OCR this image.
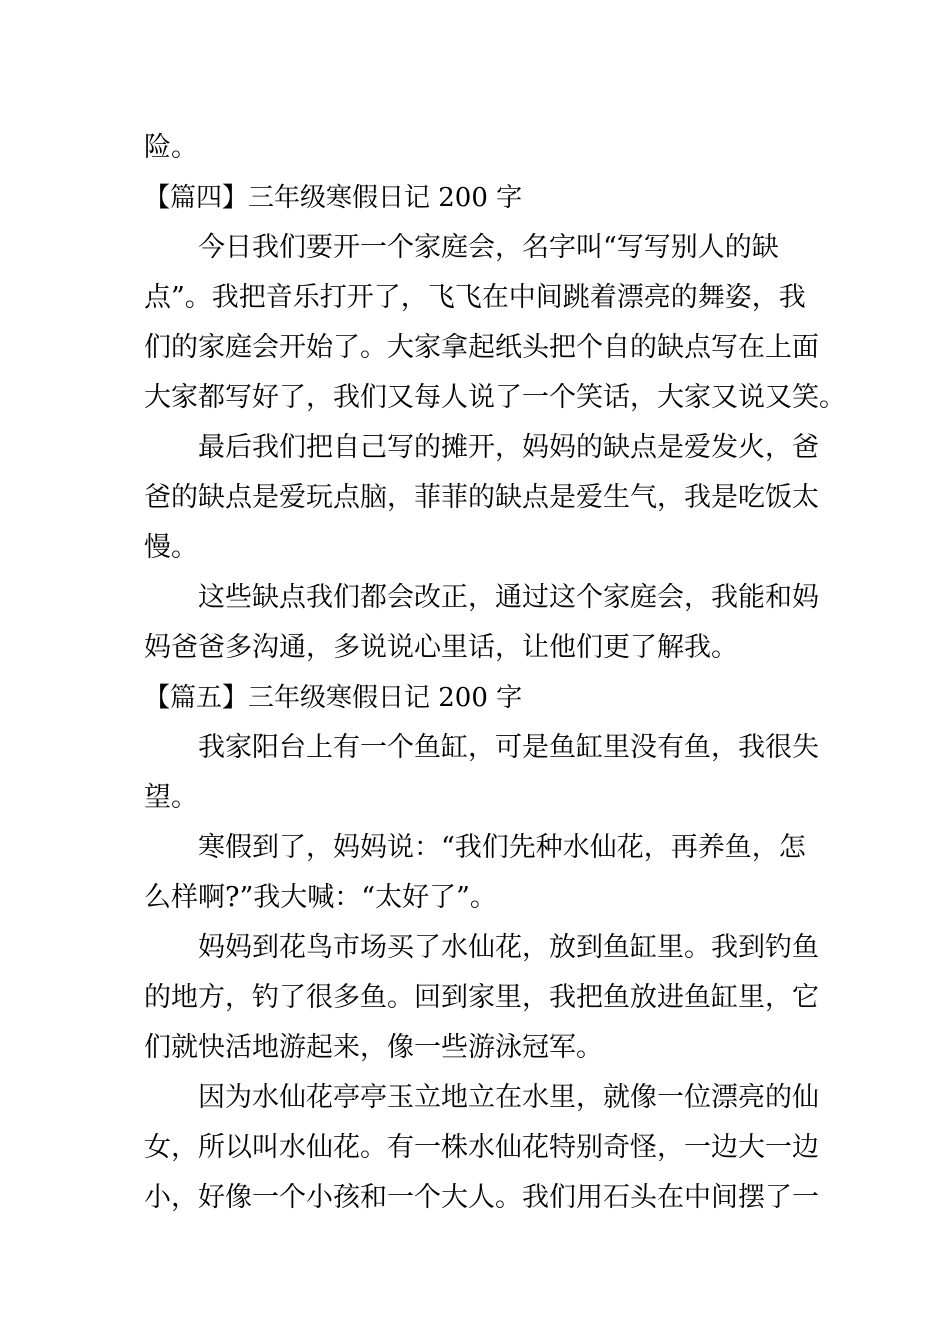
险。
【篇四】三年级寒假日记 200 字
今日我们要开一个家庭会，名字叫“写写别人的缺
点”。我把音乐打开了，飞飞在中间跳着漂亮的舞姿，我
们的家庭会开始了。大家拿起纸头把个自的缺点写在上面
大家都写好了，我们又每人说了一个笑话，大家又说又笑。
最后我们把自己写的摊开，妈妈的缺点是爱发火，爸
爸的缺点是爱玩点脑，菲菲的缺点是爱生气，我是吃饭太
慢。
这些缺点我们都会改正，通过这个家庭会，我能和妈
妈爸爸多沟通，多说说心里话，让他们更了解我。
【篇五】三年级寒假日记 200 字
我家阳台上有一个鱼缸，可是鱼缸里没有鱼，我很失
望。
寒假到了，妈妈说：“我们先种水仙花，再养鱼，怎
么样啊?”我大喊：“太好了”。
妈妈到花鸟市场买了水仙花，放到鱼缸里。我到钓鱼
的地方，钓了很多鱼。回到家里，我把鱼放进鱼缸里，它
们就快活地游起来，像一些游泳冠军。
因为水仙花亭亭玉立地立在水里，就像一位漂亮的仙
女，所以叫水仙花。有一株水仙花特别奇怪，一边大一边
小，好像一个小孩和一个大人。我们用石头在中间摆了一
